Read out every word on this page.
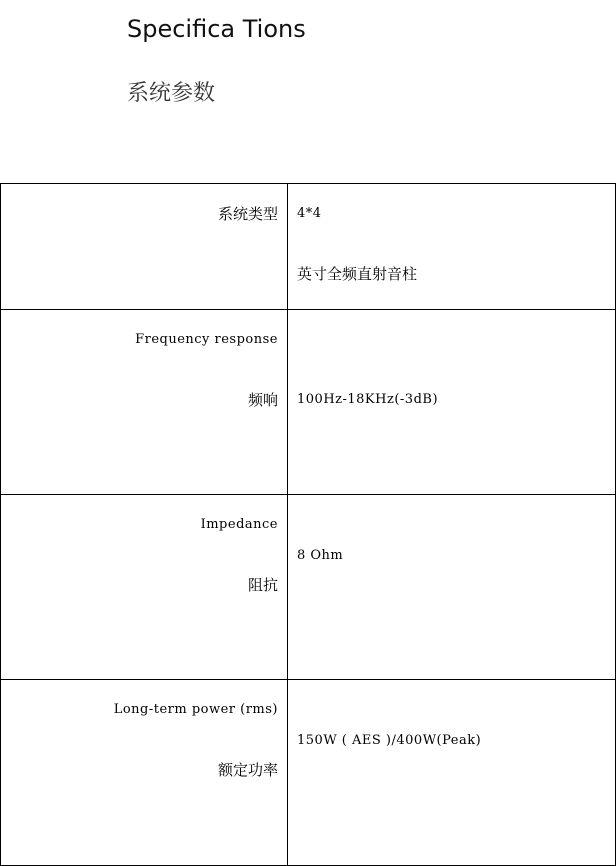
Specifica Tions
系统参数
系统类型	4*4
英寸全频直射音柱

Frequency response
频响	100Hz-18KHz(-3dB)

Impedance
阻抗	8 Ohm

Long-term power (rms)
额定功率	150W ( AES )/400W(Peak)
